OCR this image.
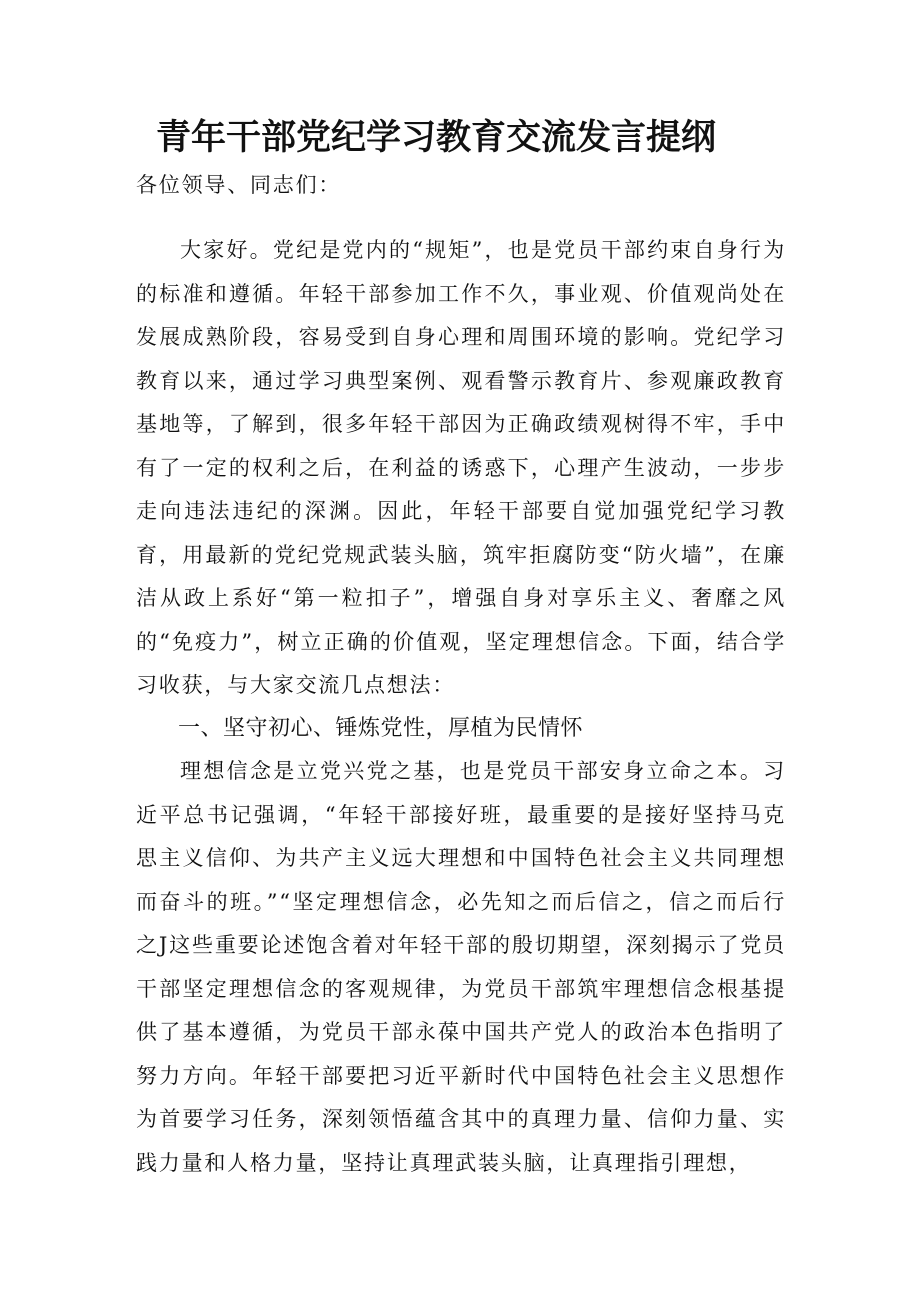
青年干部党纪学习教育交流发言提纲

各位领导、同志们：

大家好。党纪是党内的“规矩”，也是党员干部约束自身行为的标准和遵循。年轻干部参加工作不久，事业观、价值观尚处在发展成熟阶段，容易受到自身心理和周围环境的影响。党纪学习教育以来，通过学习典型案例、观看警示教育片、参观廉政教育基地等，了解到，很多年轻干部因为正确政绩观树得不牢，手中有了一定的权利之后，在利益的诱惑下，心理产生波动，一步步走向违法违纪的深渊。因此，年轻干部要自觉加强党纪学习教育，用最新的党纪党规武装头脑，筑牢拒腐防变“防火墙”，在廉洁从政上系好“第一粒扣子”，增强自身对享乐主义、奢靡之风的“免疫力”，树立正确的价值观，坚定理想信念。下面，结合学习收获，与大家交流几点想法：

一、坚守初心、锤炼党性，厚植为民情怀

理想信念是立党兴党之基，也是党员干部安身立命之本。习近平总书记强调，“年轻干部接好班，最重要的是接好坚持马克思主义信仰、为共产主义远大理想和中国特色社会主义共同理想而奋斗的班。”“坚定理想信念，必先知之而后信之，信之而后行之J这些重要论述饱含着对年轻干部的殷切期望，深刻揭示了党员干部坚定理想信念的客观规律，为党员干部筑牢理想信念根基提供了基本遵循，为党员干部永葆中国共产党人的政治本色指明了努力方向。年轻干部要把习近平新时代中国特色社会主义思想作为首要学习任务，深刻领悟蕴含其中的真理力量、信仰力量、实践力量和人格力量，坚持让真理武装头脑，让真理指引理想，
